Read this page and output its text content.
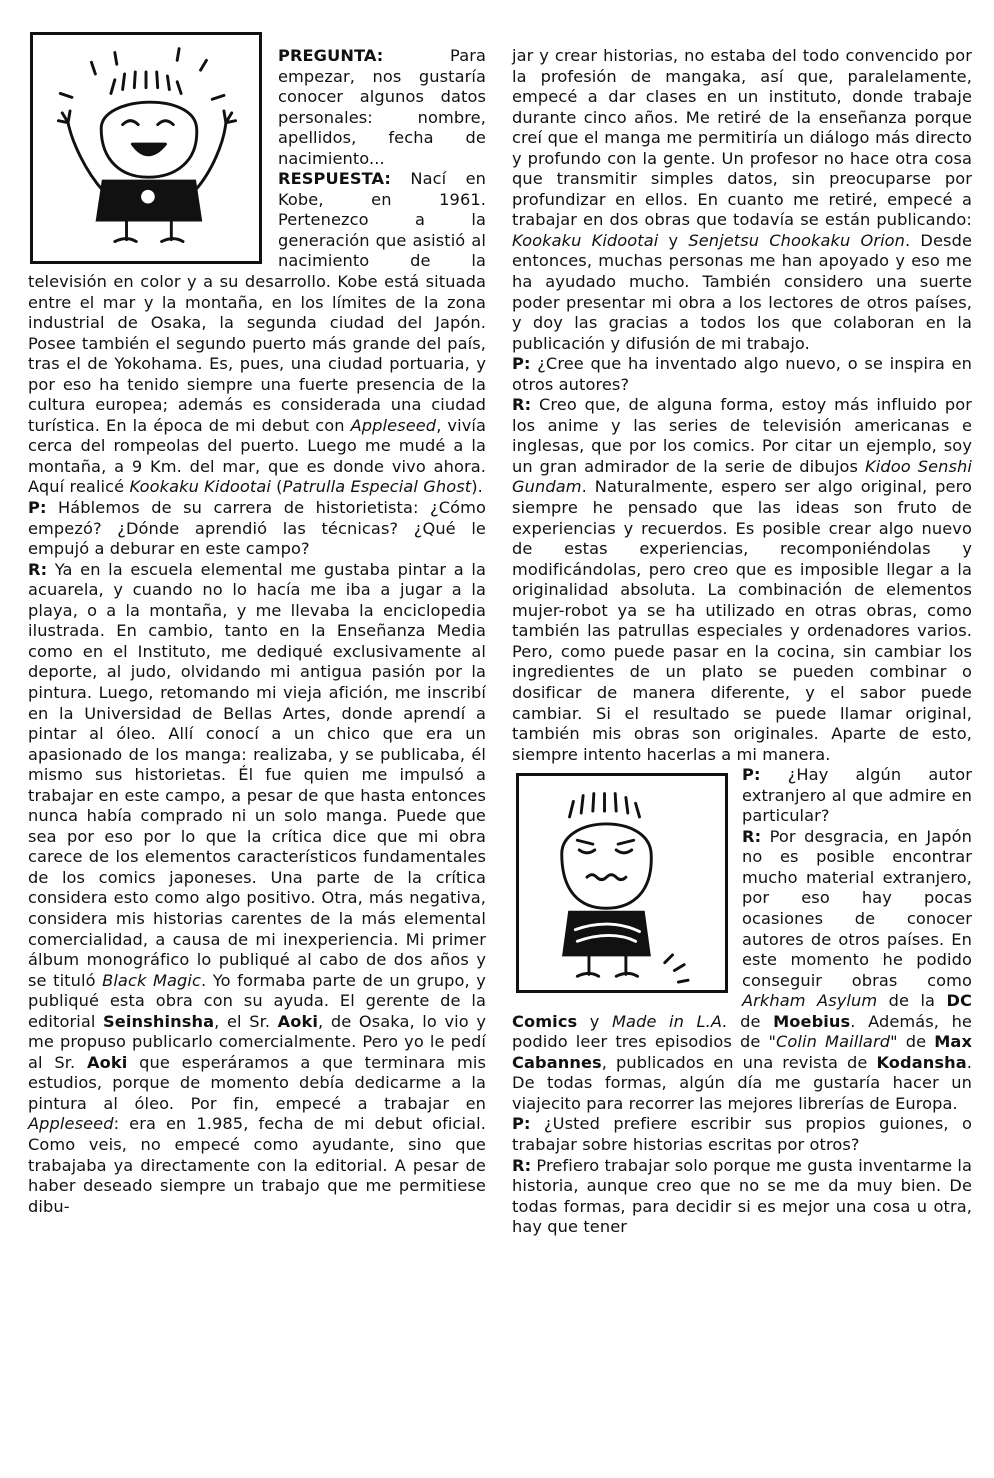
PREGUNTA: Para empezar, nos gustaría conocer algunos datos personales: nombre, apellidos, fecha de nacimiento...

RESPUESTA: Nací en Kobe, en 1961. Pertenezco a la generación que asistió al nacimiento de la televisión en color y a su desarrollo. Kobe está situada entre el mar y la montaña, en los límites de la zona industrial de Osaka, la segunda ciudad del Japón. Posee también el segundo puerto más grande del país, tras el de Yokohama. Es, pues, una ciudad portuaria, y por eso ha tenido siempre una fuerte presencia de la cultura europea; además es considerada una ciudad turística. En la época de mi debut con Appleseed, vivía cerca del rompeolas del puerto. Luego me mudé a la montaña, a 9 Km. del mar, que es donde vivo ahora. Aquí realicé Kookaku Kidootai (Patrulla Especial Ghost).

P: Háblemos de su carrera de historietista: ¿Cómo empezó? ¿Dónde aprendió las técnicas? ¿Qué le empujó a deburar en este campo?

R: Ya en la escuela elemental me gustaba pintar a la acuarela, y cuando no lo hacía me iba a jugar a la playa, o a la montaña, y me llevaba la enciclopedia ilustrada. En cambio, tanto en la Enseñanza Media como en el Instituto, me dediqué exclusivamente al deporte, al judo, olvidando mi antigua pasión por la pintura. Luego, retomando mi vieja afición, me inscribí en la Universidad de Bellas Artes, donde aprendí a pintar al óleo. Allí conocí a un chico que era un apasionado de los manga: realizaba, y se publicaba, él mismo sus historietas. Él fue quien me impulsó a trabajar en este campo, a pesar de que hasta entonces nunca había comprado ni un solo manga. Puede que sea por eso por lo que la crítica dice que mi obra carece de los elementos característicos fundamentales de los comics japoneses. Una parte de la crítica considera esto como algo positivo. Otra, más negativa, considera mis historias carentes de la más elemental comercialidad, a causa de mi inexperiencia. Mi primer álbum monográfico lo publiqué al cabo de dos años y se tituló Black Magic. Yo formaba parte de un grupo, y publiqué esta obra con su ayuda. El gerente de la editorial Seinshinsha, el Sr. Aoki, de Osaka, lo vio y me propuso publicarlo comercialmente. Pero yo le pedí al Sr. Aoki que esperáramos a que terminara mis estudios, porque de momento debía dedicarme a la pintura al óleo. Por fin, empecé a trabajar en Appleseed: era en 1.985, fecha de mi debut oficial. Como veis, no empecé como ayudante, sino que trabajaba ya directamente con la editorial. A pesar de haber deseado siempre un trabajo que me permitiese dibu-

jar y crear historias, no estaba del todo convencido por la profesión de mangaka, así que, paralelamente, empecé a dar clases en un instituto, donde trabaje durante cinco años. Me retiré de la enseñanza porque creí que el manga me permitiría un diálogo más directo y profundo con la gente. Un profesor no hace otra cosa que transmitir simples datos, sin preocuparse por profundizar en ellos. En cuanto me retiré, empecé a trabajar en dos obras que todavía se están publicando: Kookaku Kidootai y Senjetsu Chookaku Orion. Desde entonces, muchas personas me han apoyado y eso me ha ayudado mucho. También considero una suerte poder presentar mi obra a los lectores de otros países, y doy las gracias a todos los que colaboran en la publicación y difusión de mi trabajo.

P: ¿Cree que ha inventado algo nuevo, o se inspira en otros autores?

R: Creo que, de alguna forma, estoy más influido por los anime y las series de televisión americanas e inglesas, que por los comics. Por citar un ejemplo, soy un gran admirador de la serie de dibujos Kidoo Senshi Gundam. Naturalmente, espero ser algo original, pero siempre he pensado que las ideas son fruto de experiencias y recuerdos. Es posible crear algo nuevo de estas experiencias, recomponiéndolas y modificándolas, pero creo que es imposible llegar a la originalidad absoluta. La combinación de elementos mujer-robot ya se ha utilizado en otras obras, como también las patrullas especiales y ordenadores varios. Pero, como puede pasar en la cocina, sin cambiar los ingredientes de un plato se pueden combinar o dosificar de manera diferente, y el sabor puede cambiar. Si el resultado se puede llamar original, también mis obras son originales. Aparte de esto, siempre intento hacerlas a mi manera.

P: ¿Hay algún autor extranjero al que admire en particular?

R: Por desgracia, en Japón no es posible encontrar mucho material extranjero, por eso hay pocas ocasiones de conocer autores de otros países. En este momento he podido conseguir obras como Arkham Asylum de la DC Comics y Made in L.A. de Moebius. Además, he podido leer tres episodios de "Colin Maillard" de Max Cabannes, publicados en una revista de Kodansha. De todas formas, algún día me gustaría hacer un viajecito para recorrer las mejores librerías de Europa.

P: ¿Usted prefiere escribir sus propios guiones, o trabajar sobre historias escritas por otros?

R: Prefiero trabajar solo porque me gusta inventarme la historia, aunque creo que no se me da muy bien. De todas formas, para decidir si es mejor una cosa u otra, hay que tener
